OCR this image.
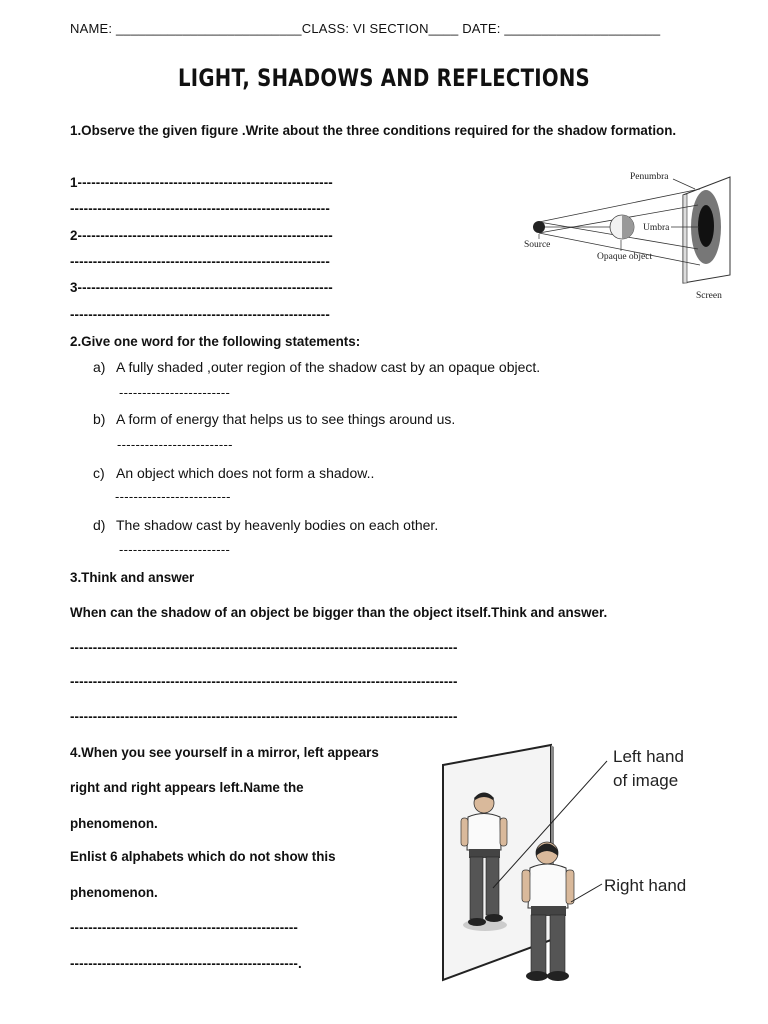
NAME: _________________________CLASS: VI SECTION____ DATE: _____________________
LIGHT, SHADOWS AND REFLECTIONS
1.Observe the given figure .Write about the three conditions required for the shadow formation.
1--------------------------------------------------------
---------------------------------------------------------
2--------------------------------------------------------
---------------------------------------------------------
3--------------------------------------------------------
---------------------------------------------------------
Penumbra
Umbra
Source
Opaque object
Screen
2.Give one word for the following statements:
a) A fully shaded ,outer region of the shadow cast by an opaque object.
------------------------
b) A form of energy that helps us to see things around us.
-------------------------
c) An object which does not form a shadow..
-------------------------
d) The shadow cast by heavenly bodies on each other.
------------------------
3.Think and answer
When can the shadow of an object be bigger than the object itself.Think and answer.
-------------------------------------------------------------------------------------
-------------------------------------------------------------------------------------
-------------------------------------------------------------------------------------
4.When you see yourself in a mirror, left appears
right and right appears left.Name the
phenomenon.
Enlist 6 alphabets which do not show this
phenomenon.
--------------------------------------------------
--------------------------------------------------.
Left hand
of image
Right hand
